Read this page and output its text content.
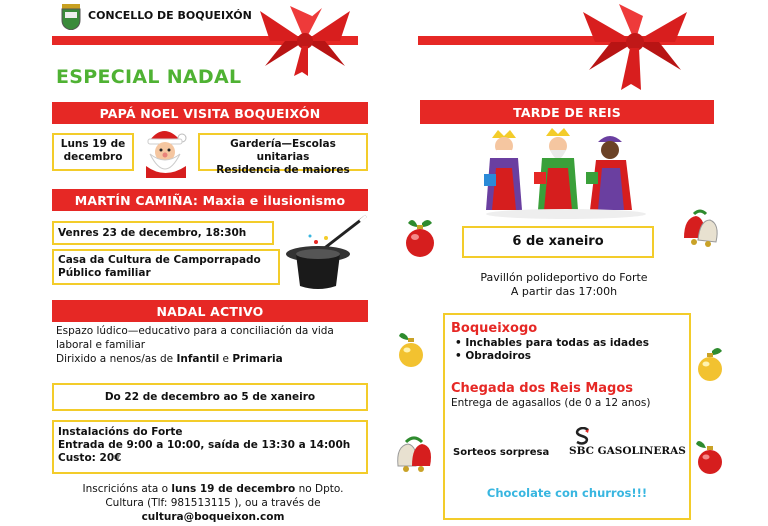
CONCELLO DE BOQUEIXÓN
ESPECIAL NADAL
PAPÁ NOEL VISITA BOQUEIXÓN
Luns 19 de
decembro
Gardería—Escolas unitarias
Residencia de maiores
MARTÍN CAMIÑA: Maxia e ilusionismo
Venres 23 de decembro, 18:30h
Casa da Cultura de Camporrapado
Público familiar
NADAL ACTIVO
Espazo lúdico—educativo para a conciliación da vida
laboral e familiar
Dirixido a nenos/as de Infantil e Primaria
Do 22 de decembro ao 5 de xaneiro
Instalacións do Forte
Entrada de 9:00 a 10:00, saída de 13:30 a 14:00h
Custo: 20€
Inscricións ata o luns 19 de decembro no Dpto.
Cultura (Tlf: 981513115 ), ou a través de
cultura@boqueixon.com
TARDE DE REIS
6 de xaneiro
Pavillón polideportivo do Forte
A partir das 17:00h
Boqueixogo
• Inchables para todas as idades
• Obradoiros
Chegada dos Reis Magos
Entrega de agasallos (de 0 a 12 anos)
Sorteos sorpresa SBC GASOLINERAS
Chocolate con churros!!!
